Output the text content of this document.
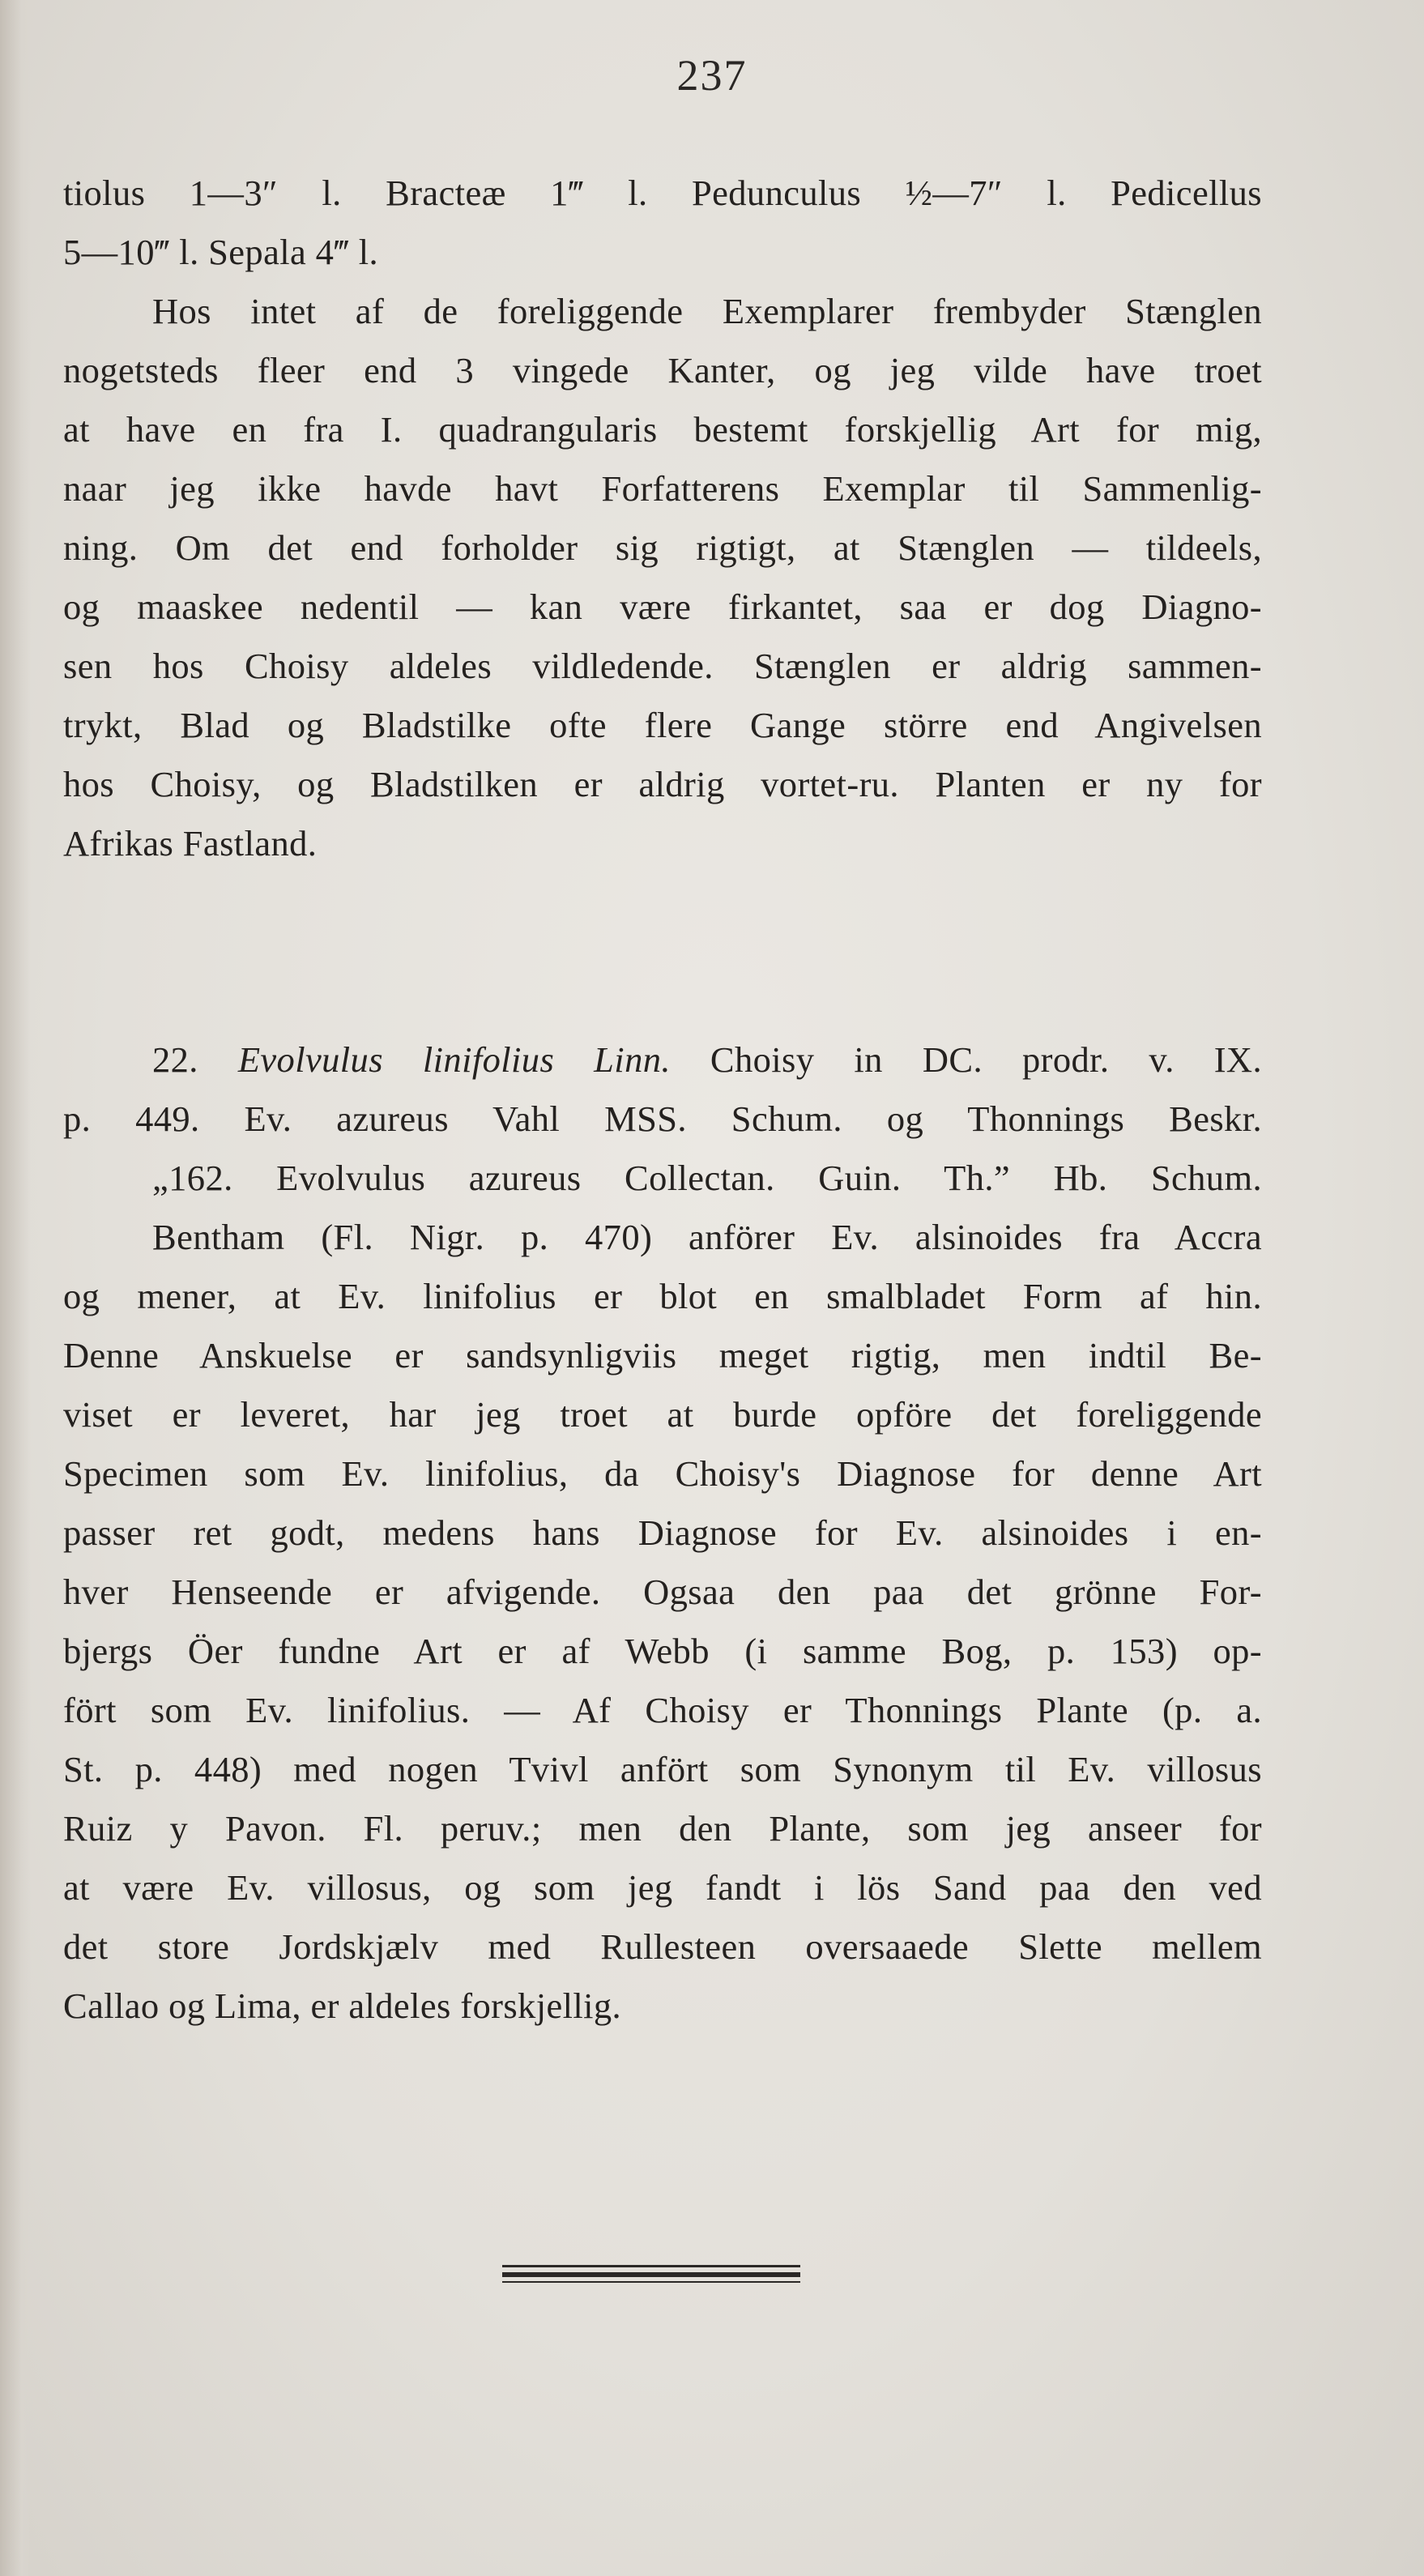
237
tiolus 1—3″ l. Bracteæ 1‴ l. Pedunculus ½—7″ l. Pedicellus
5—10‴ l. Sepala 4‴ l.
Hos intet af de foreliggende Exemplarer frembyder Stænglen
nogetsteds fleer end 3 vingede Kanter, og jeg vilde have troet
at have en fra I. quadrangularis bestemt forskjellig Art for mig,
naar jeg ikke havde havt Forfatterens Exemplar til Sammenlig-
ning. Om det end forholder sig rigtigt, at Stænglen — tildeels,
og maaskee nedentil — kan være firkantet, saa er dog Diagno-
sen hos Choisy aldeles vildledende. Stænglen er aldrig sammen-
trykt, Blad og Bladstilke ofte flere Gange större end Angivelsen
hos Choisy, og Bladstilken er aldrig vortet-ru. Planten er ny for
Afrikas Fastland.
22. Evolvulus linifolius Linn. Choisy in DC. prodr. v. IX.
p. 449. Ev. azureus Vahl MSS. Schum. og Thonnings Beskr.
„162. Evolvulus azureus Collectan. Guin. Th.” Hb. Schum.
Bentham (Fl. Nigr. p. 470) anförer Ev. alsinoides fra Accra
og mener, at Ev. linifolius er blot en smalbladet Form af hin.
Denne Anskuelse er sandsynligviis meget rigtig, men indtil Be-
viset er leveret, har jeg troet at burde opföre det foreliggende
Specimen som Ev. linifolius, da Choisy's Diagnose for denne Art
passer ret godt, medens hans Diagnose for Ev. alsinoides i en-
hver Henseende er afvigende. Ogsaa den paa det grönne For-
bjergs Öer fundne Art er af Webb (i samme Bog, p. 153) op-
fört som Ev. linifolius. — Af Choisy er Thonnings Plante (p. a.
St. p. 448) med nogen Tvivl anfört som Synonym til Ev. villosus
Ruiz y Pavon. Fl. peruv.; men den Plante, som jeg anseer for
at være Ev. villosus, og som jeg fandt i lös Sand paa den ved
det store Jordskjælv med Rullesteen oversaaede Slette mellem
Callao og Lima, er aldeles forskjellig.
